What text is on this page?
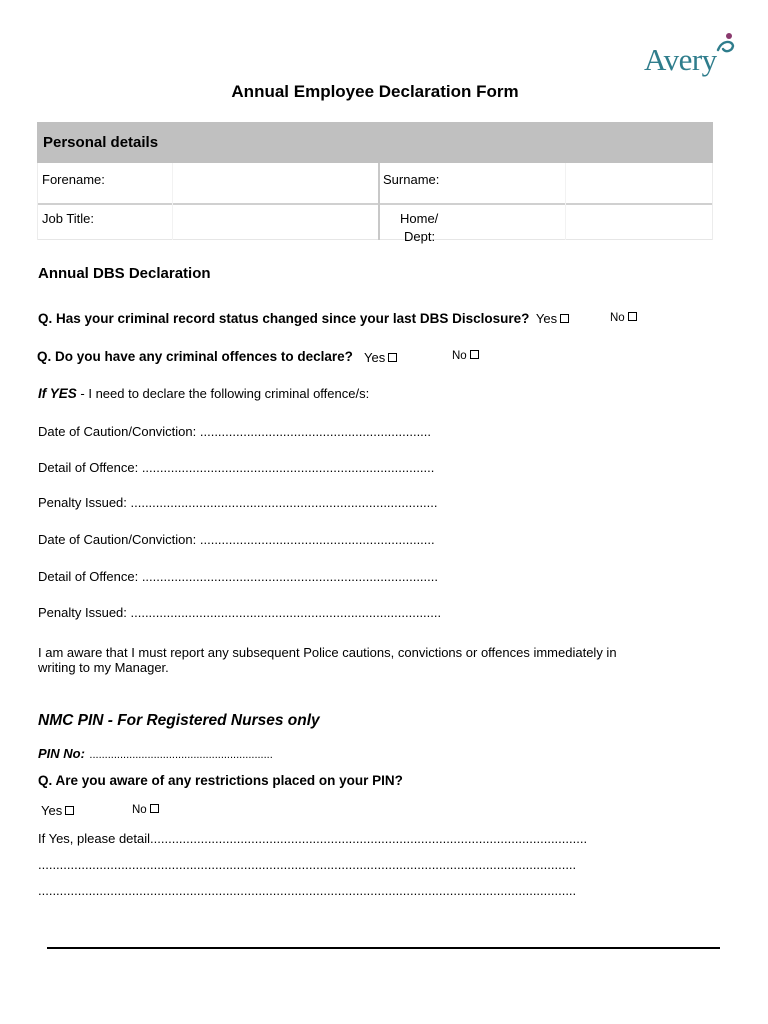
Avery
Annual Employee Declaration Form
Personal details
Forename:	Surname:
Job Title:	Home/
Dept:
Annual DBS Declaration
Q. Has your criminal record status changed since your last DBS Disclosure? Yes	No
Q. Do you have any criminal offences to declare? Yes	No
If YES - I need to declare the following criminal offence/s:
Date of Caution/Conviction: ................................................................
Detail of Offence: .................................................................................
Penalty Issued: .....................................................................................
Date of Caution/Conviction: .................................................................
Detail of Offence: ..................................................................................
Penalty Issued: ......................................................................................
I am aware that I must report any subsequent Police cautions, convictions or offences immediately in
writing to my Manager.
NMC PIN - For Registered Nurses only
PIN No: ............................................................
Q. Are you aware of any restrictions placed on your PIN?
Yes	No
If Yes, please detail.........................................................................................................................
.....................................................................................................................................................
.....................................................................................................................................................
